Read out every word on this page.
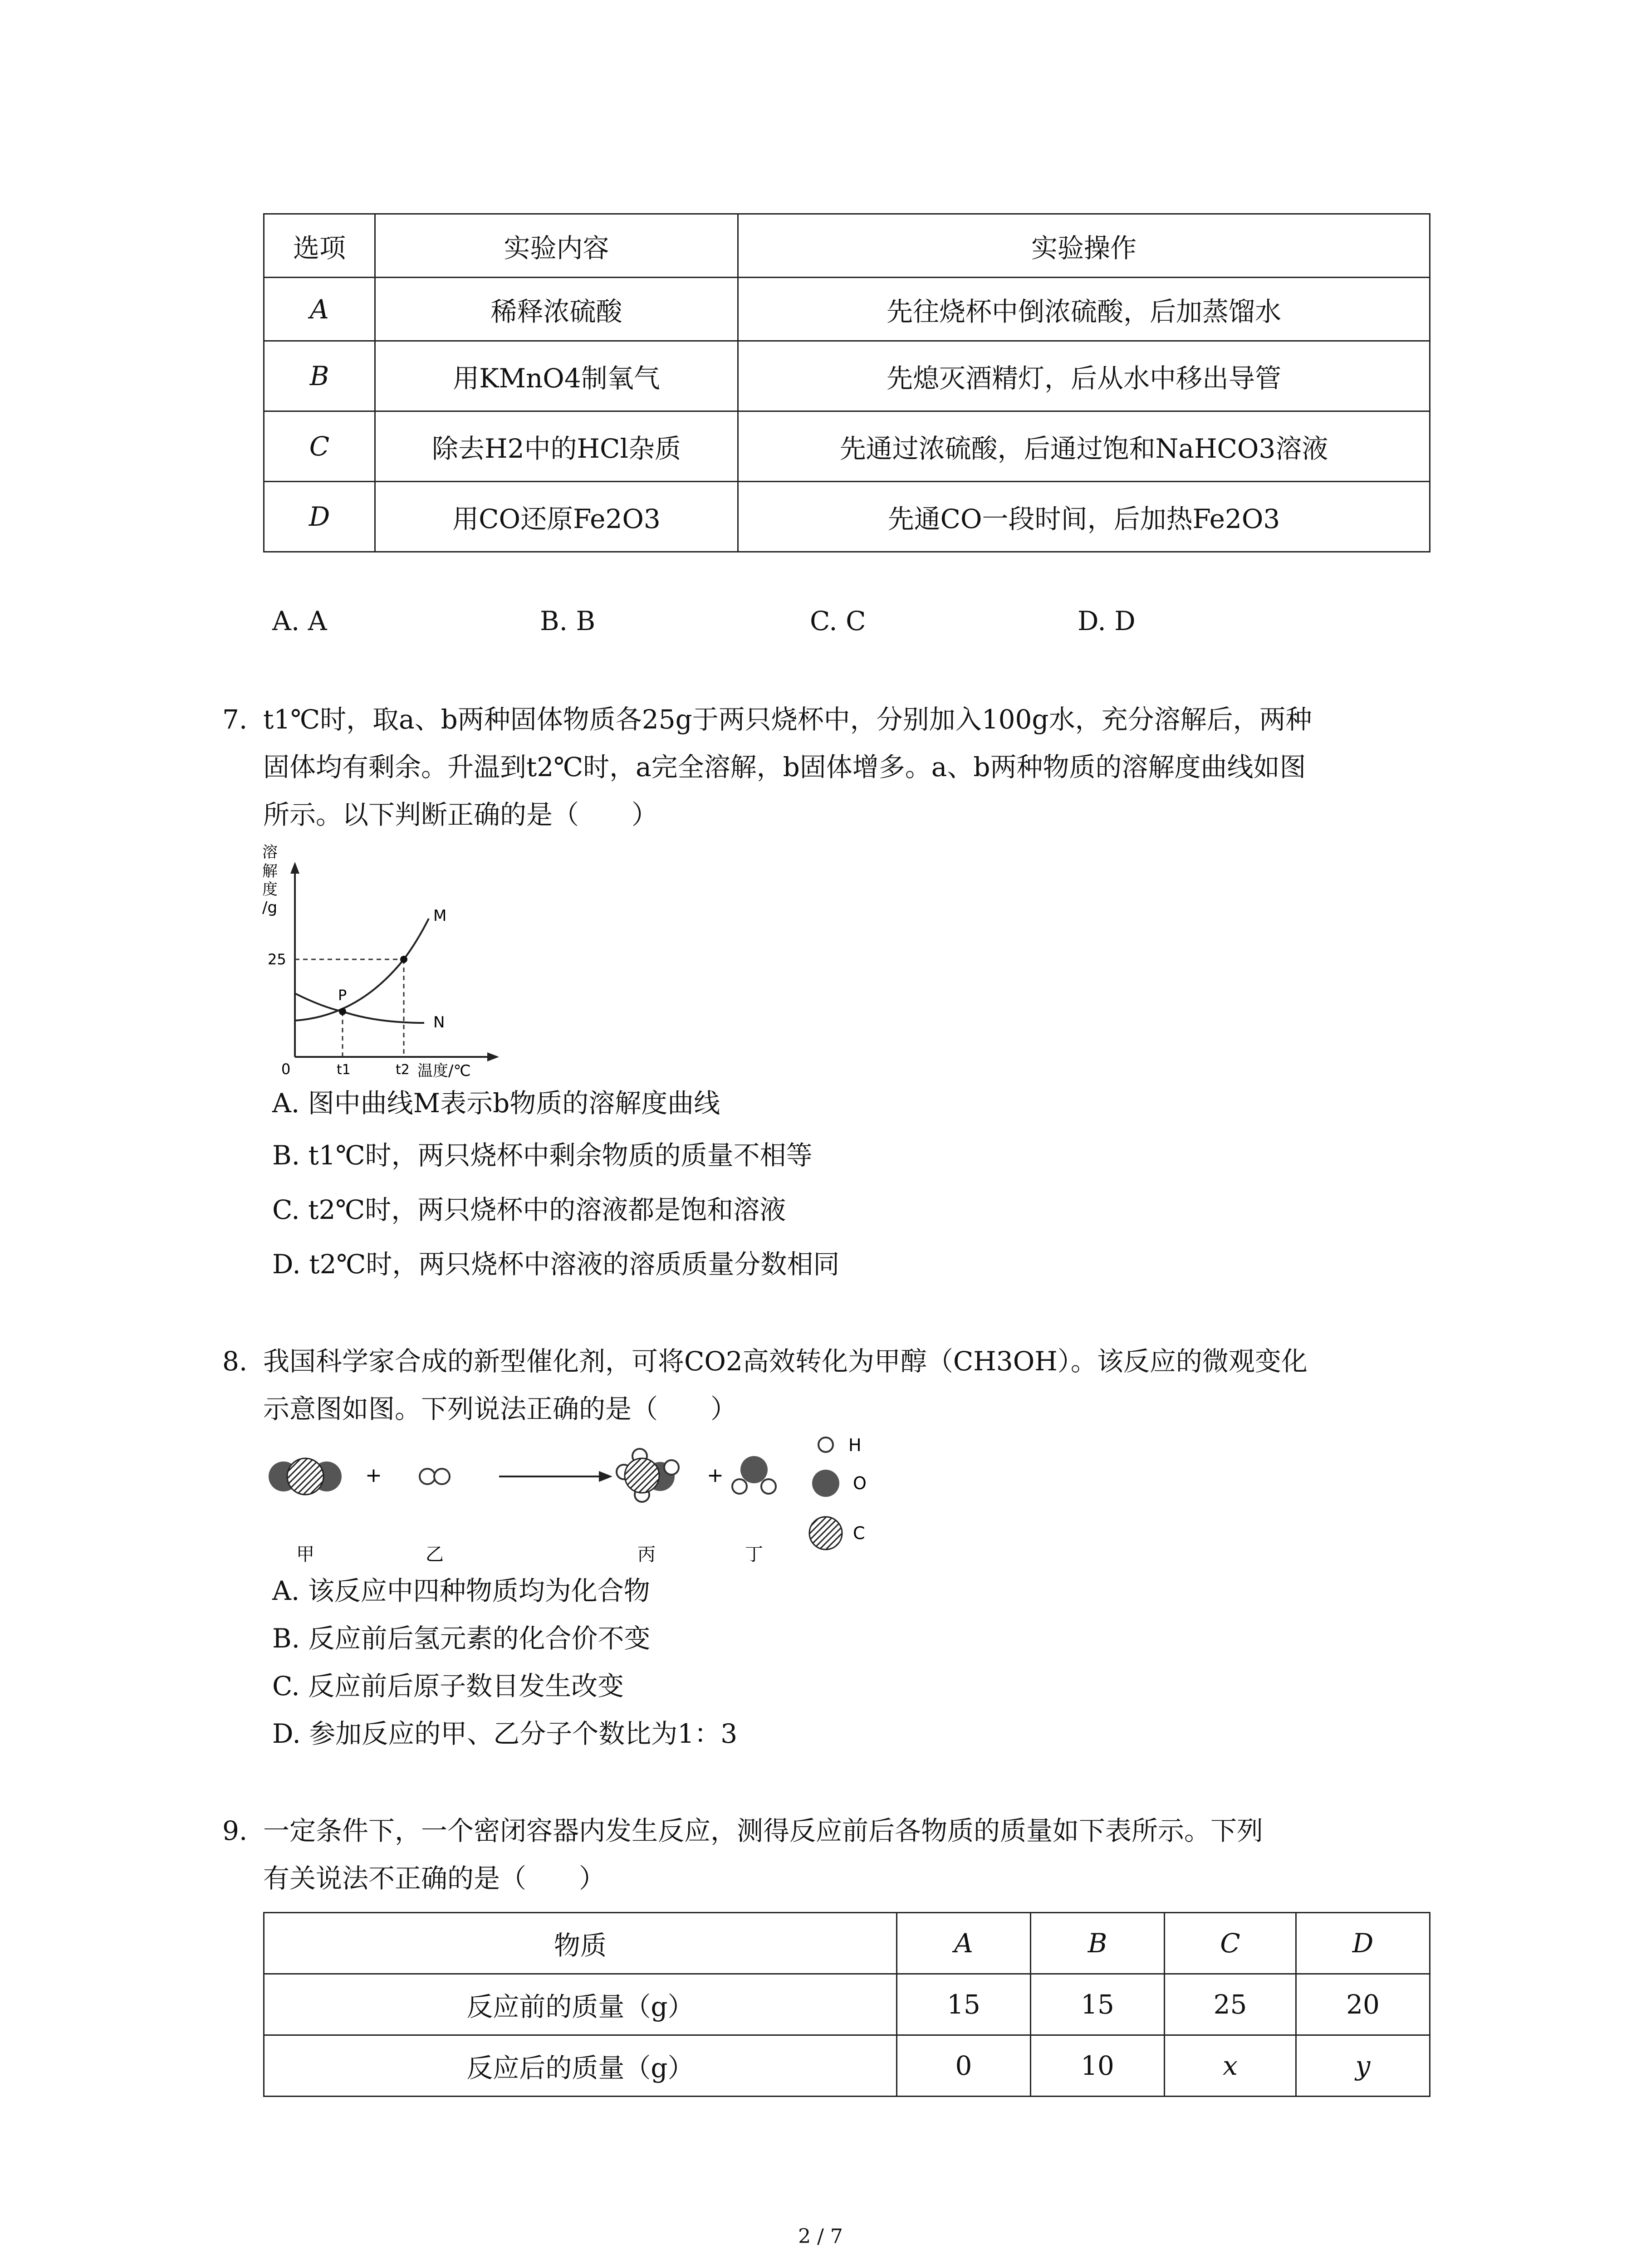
选项	实验内容	实验操作
A	稀释浓硫酸	先往烧杯中倒浓硫酸，后加蒸馏水
B	用KMnO4制氧气	先熄灭酒精灯，后从水中移出导管
C	除去H2中的HCl杂质	先通过浓硫酸，后通过饱和NaHCO3溶液
D	用CO还原Fe2O3	先通CO一段时间，后加热Fe2O3
A. A	B. B	C. C	D. D
7. t1℃时，取a、b两种固体物质各25g于两只烧杯中，分别加入100g水，充分溶解后，两种
固体均有剩余。升温到t2℃时，a完全溶解，b固体增多。a、b两种物质的溶解度曲线如图
所示。以下判断正确的是（　　）
溶
解
度
/g
P
M
N
25
0	t1	t2 温度/℃
A. 图中曲线M表示b物质的溶解度曲线
B. t1℃时，两只烧杯中剩余物质的质量不相等
C. t2℃时，两只烧杯中的溶液都是饱和溶液
D. t2℃时，两只烧杯中溶液的溶质质量分数相同
8. 我国科学家合成的新型催化剂，可将CO2高效转化为甲醇（CH3OH）。该反应的微观变化
示意图如图。下列说法正确的是（　　）
+	+
甲	乙	丙	丁
H
O
C
A. 该反应中四种物质均为化合物
B. 反应前后氢元素的化合价不变
C. 反应前后原子数目发生改变
D. 参加反应的甲、乙分子个数比为1：3
9. 一定条件下，一个密闭容器内发生反应，测得反应前后各物质的质量如下表所示。下列
有关说法不正确的是（　　）
物质	A	B	C	D
反应前的质量（g）	15	15	25	20
反应后的质量（g）	0	10	x	y
2 / 7
